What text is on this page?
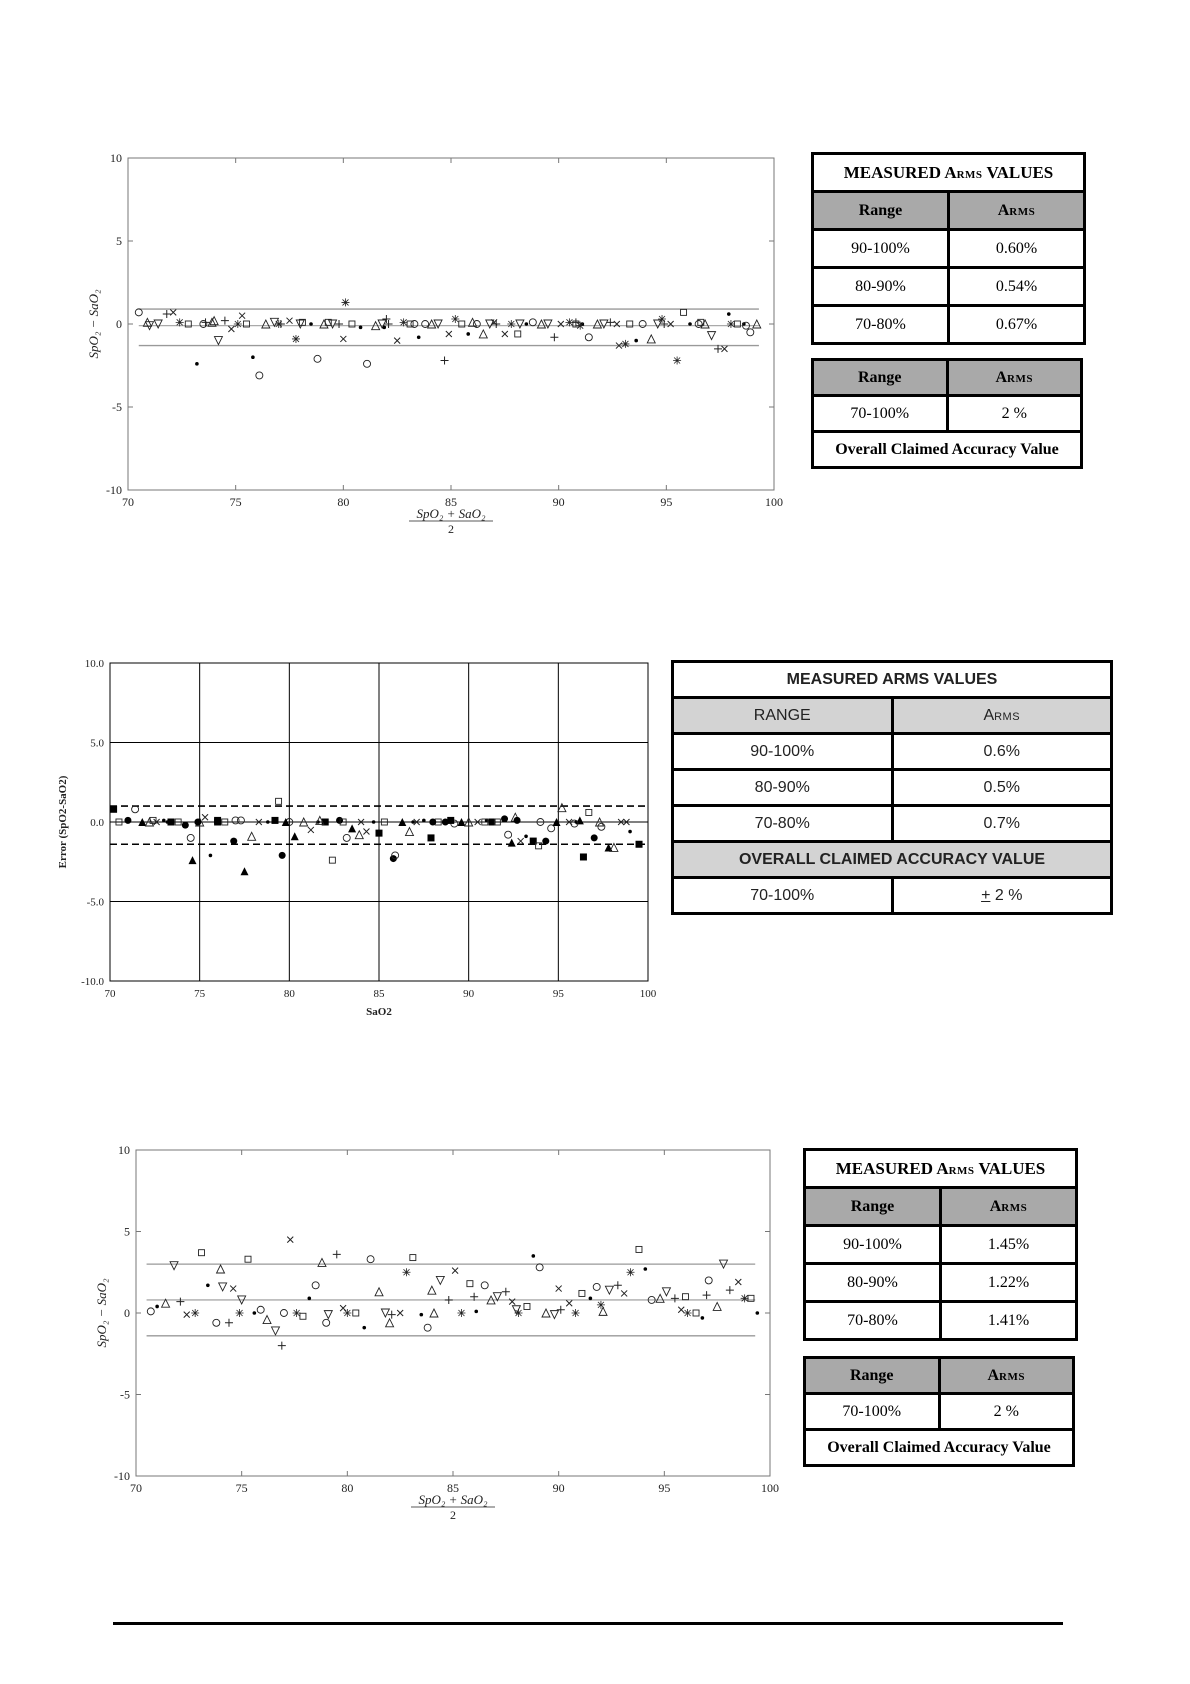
70	75	80	85	90	95	100
10
5
0
-5
-10
SpO₂ − SaO₂
SpO₂ + SaO₂
2
MEASURED ARMS VALUES	
Range	ARMS
90-100%	0.60%
80-90%	0.54%
70-80%	0.67%
Range	ARMS
70-100%	2 %
Overall Claimed Accuracy Value	
70	75	80	85	90	95	100
10.0
5.0
0.0
-5.0
-10.0
Error (SpO2-SaO2)
SaO2
MEASURED ARMS VALUES	
RANGE	ARMS
90-100%	0.6%
80-90%	0.5%
70-80%	0.7%
OVERALL CLAIMED ACCURACY VALUE	
70-100%	+ 2 %
70	75	80	85	90	95	100
10
5
0
-5
-10
SpO₂ − SaO₂
SpO₂ + SaO₂
2
MEASURED ARMS VALUES	
Range	ARMS
90-100%	1.45%
80-90%	1.22%
70-80%	1.41%
Range	ARMS
70-100%	2 %
Overall Claimed Accuracy Value	
